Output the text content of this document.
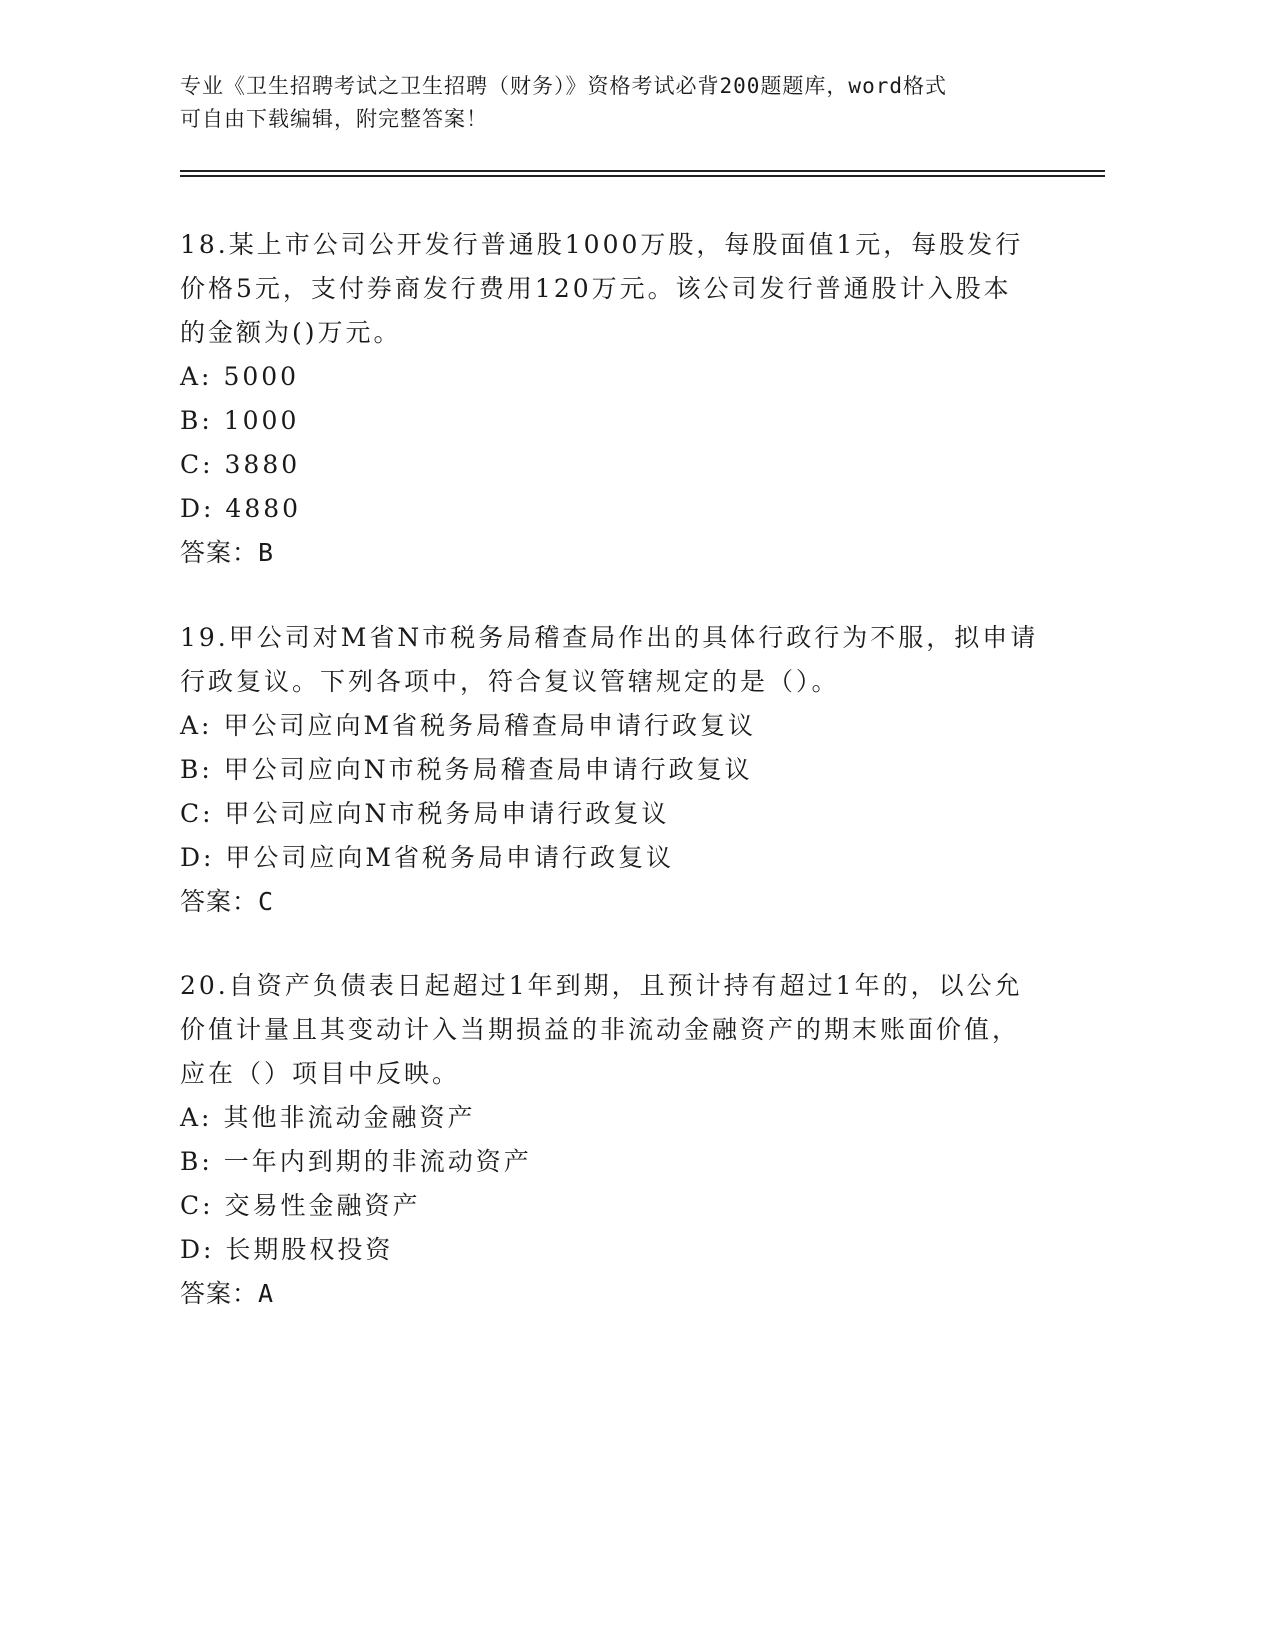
专业《卫生招聘考试之卫生招聘（财务）》资格考试必背200题题库，word格式
可自由下载编辑，附完整答案！

18.某上市公司公开发行普通股1000万股，每股面值1元，每股发行

价格5元，支付券商发行费用120万元。该公司发行普通股计入股本

的金额为()万元。

A: 5000
B: 1000
C: 3880
D: 4880

答案：B

19.甲公司对M省N市税务局稽查局作出的具体行政行为不服，拟申请

行政复议。下列各项中，符合复议管辖规定的是（）。

A: 甲公司应向M省税务局稽查局申请行政复议
B: 甲公司应向N市税务局稽查局申请行政复议
C: 甲公司应向N市税务局申请行政复议
D: 甲公司应向M省税务局申请行政复议

答案：C

20.自资产负债表日起超过1年到期，且预计持有超过1年的，以公允

价值计量且其变动计入当期损益的非流动金融资产的期末账面价值，

应在（）项目中反映。

A: 其他非流动金融资产
B: 一年内到期的非流动资产
C: 交易性金融资产
D: 长期股权投资

答案：A
